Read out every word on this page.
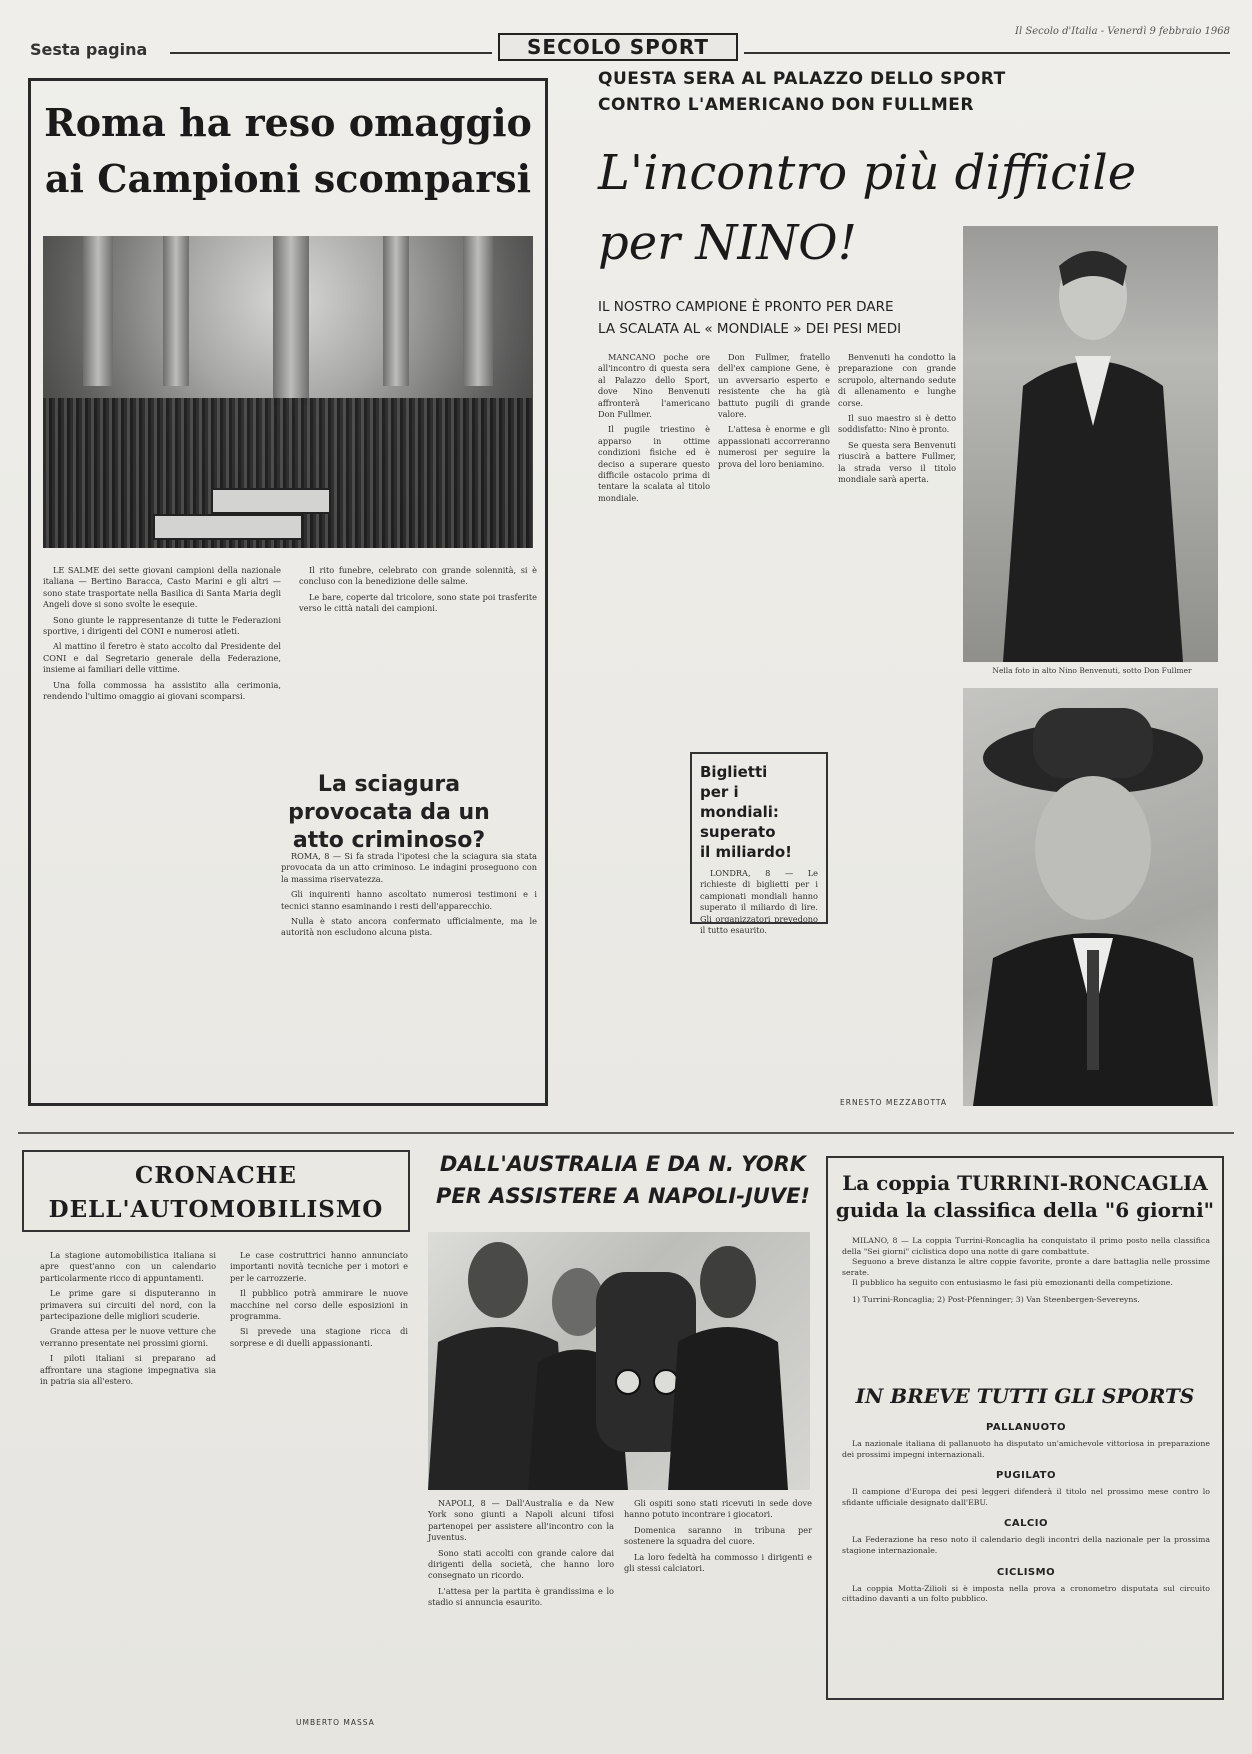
Sesta pagina	SECOLO SPORT
Il Secolo d'Italia - Venerdì 9 febbraio 1968
Roma ha reso omaggio
ai Campioni scomparsi

LE SALME dei sette giovani campioni della nazionale italiana — Bertino Baracca, Casto Marini e gli altri — sono state trasportate nella Basilica di Santa Maria degli Angeli dove si sono svolte le esequie.

Sono giunte le rappresentanze di tutte le Federazioni sportive, i dirigenti del CONI e numerosi atleti.

Al mattino il feretro è stato accolto dal Presidente del CONI e dal Segretario generale della Federazione, insieme ai familiari delle vittime.

Una folla commossa ha assistito alla cerimonia, rendendo l'ultimo omaggio ai giovani scomparsi.

Il rito funebre, celebrato con grande solennità, si è concluso con la benedizione delle salme.

Le bare, coperte dal tricolore, sono state poi trasferite verso le città natali dei campioni.

La sciagura provocata da un atto criminoso?

ROMA, 8 — Si fa strada l'ipotesi che la sciagura sia stata provocata da un atto criminoso. Le indagini proseguono con la massima riservatezza.

Gli inquirenti hanno ascoltato numerosi testimoni e i tecnici stanno esaminando i resti dell'apparecchio.

Nulla è stato ancora confermato ufficialmente, ma le autorità non escludono alcuna pista.

QUESTA SERA AL PALAZZO DELLO SPORT
CONTRO L'AMERICANO DON FULLMER
L'incontro più difficile
per NINO!
IL NOSTRO CAMPIONE È PRONTO PER DARE
LA SCALATA AL « MONDIALE » DEI PESI MEDI

MANCANO poche ore all'incontro di questa sera al Palazzo dello Sport, dove Nino Benvenuti affronterà l'americano Don Fullmer.

Il pugile triestino è apparso in ottime condizioni fisiche ed è deciso a superare questo difficile ostacolo prima di tentare la scalata al titolo mondiale.

Don Fullmer, fratello dell'ex campione Gene, è un avversario esperto e resistente che ha già battuto pugili di grande valore.

L'attesa è enorme e gli appassionati accorreranno numerosi per seguire la prova del loro beniamino.

Benvenuti ha condotto la preparazione con grande scrupolo, alternando sedute di allenamento e lunghe corse.

Il suo maestro si è detto soddisfatto: Nino è pronto.

Se questa sera Benvenuti riuscirà a battere Fullmer, la strada verso il titolo mondiale sarà aperta.

ERNESTO MEZZABOTTA
Nella foto in alto Nino Benvenuti, sotto Don Fullmer
Biglietti
per i mondiali:
superato
il miliardo!

LONDRA, 8 — Le richieste di biglietti per i campionati mondiali hanno superato il miliardo di lire. Gli organizzatori prevedono il tutto esaurito.

CRONACHE
DELL'AUTOMOBILISMO

La stagione automobilistica italiana si apre quest'anno con un calendario particolarmente ricco di appuntamenti.

Le prime gare si disputeranno in primavera sui circuiti del nord, con la partecipazione delle migliori scuderie.

Grande attesa per le nuove vetture che verranno presentate nei prossimi giorni.

I piloti italiani si preparano ad affrontare una stagione impegnativa sia in patria sia all'estero.

Le case costruttrici hanno annunciato importanti novità tecniche per i motori e per le carrozzerie.

Il pubblico potrà ammirare le nuove macchine nel corso delle esposizioni in programma.

Si prevede una stagione ricca di sorprese e di duelli appassionanti.

UMBERTO MASSA
DALL'AUSTRALIA E DA N. YORK
PER ASSISTERE A NAPOLI-JUVE!

NAPOLI, 8 — Dall'Australia e da New York sono giunti a Napoli alcuni tifosi partenopei per assistere all'incontro con la Juventus.

Sono stati accolti con grande calore dai dirigenti della società, che hanno loro consegnato un ricordo.

L'attesa per la partita è grandissima e lo stadio si annuncia esaurito.

Gli ospiti sono stati ricevuti in sede dove hanno potuto incontrare i giocatori.

Domenica saranno in tribuna per sostenere la squadra del cuore.

La loro fedeltà ha commosso i dirigenti e gli stessi calciatori.

La coppia TURRINI-RONCAGLIA
guida la classifica della "6 giorni"

MILANO, 8 — La coppia Turrini-Roncaglia ha conquistato il primo posto nella classifica della "Sei giorni" ciclistica dopo una notte di gare combattute.

Seguono a breve distanza le altre coppie favorite, pronte a dare battaglia nelle prossime serate.

Il pubblico ha seguito con entusiasmo le fasi più emozionanti della competizione.

1) Turrini-Roncaglia; 2) Post-Pfenninger; 3) Van Steenbergen-Severeyns.

IN BREVE TUTTI GLI SPORTS
PALLANUOTO

La nazionale italiana di pallanuoto ha disputato un'amichevole vittoriosa in preparazione dei prossimi impegni internazionali.

PUGILATO

Il campione d'Europa dei pesi leggeri difenderà il titolo nel prossimo mese contro lo sfidante ufficiale designato dall'EBU.

CALCIO

La Federazione ha reso noto il calendario degli incontri della nazionale per la prossima stagione internazionale.

CICLISMO

La coppia Motta-Zilioli si è imposta nella prova a cronometro disputata sul circuito cittadino davanti a un folto pubblico.
